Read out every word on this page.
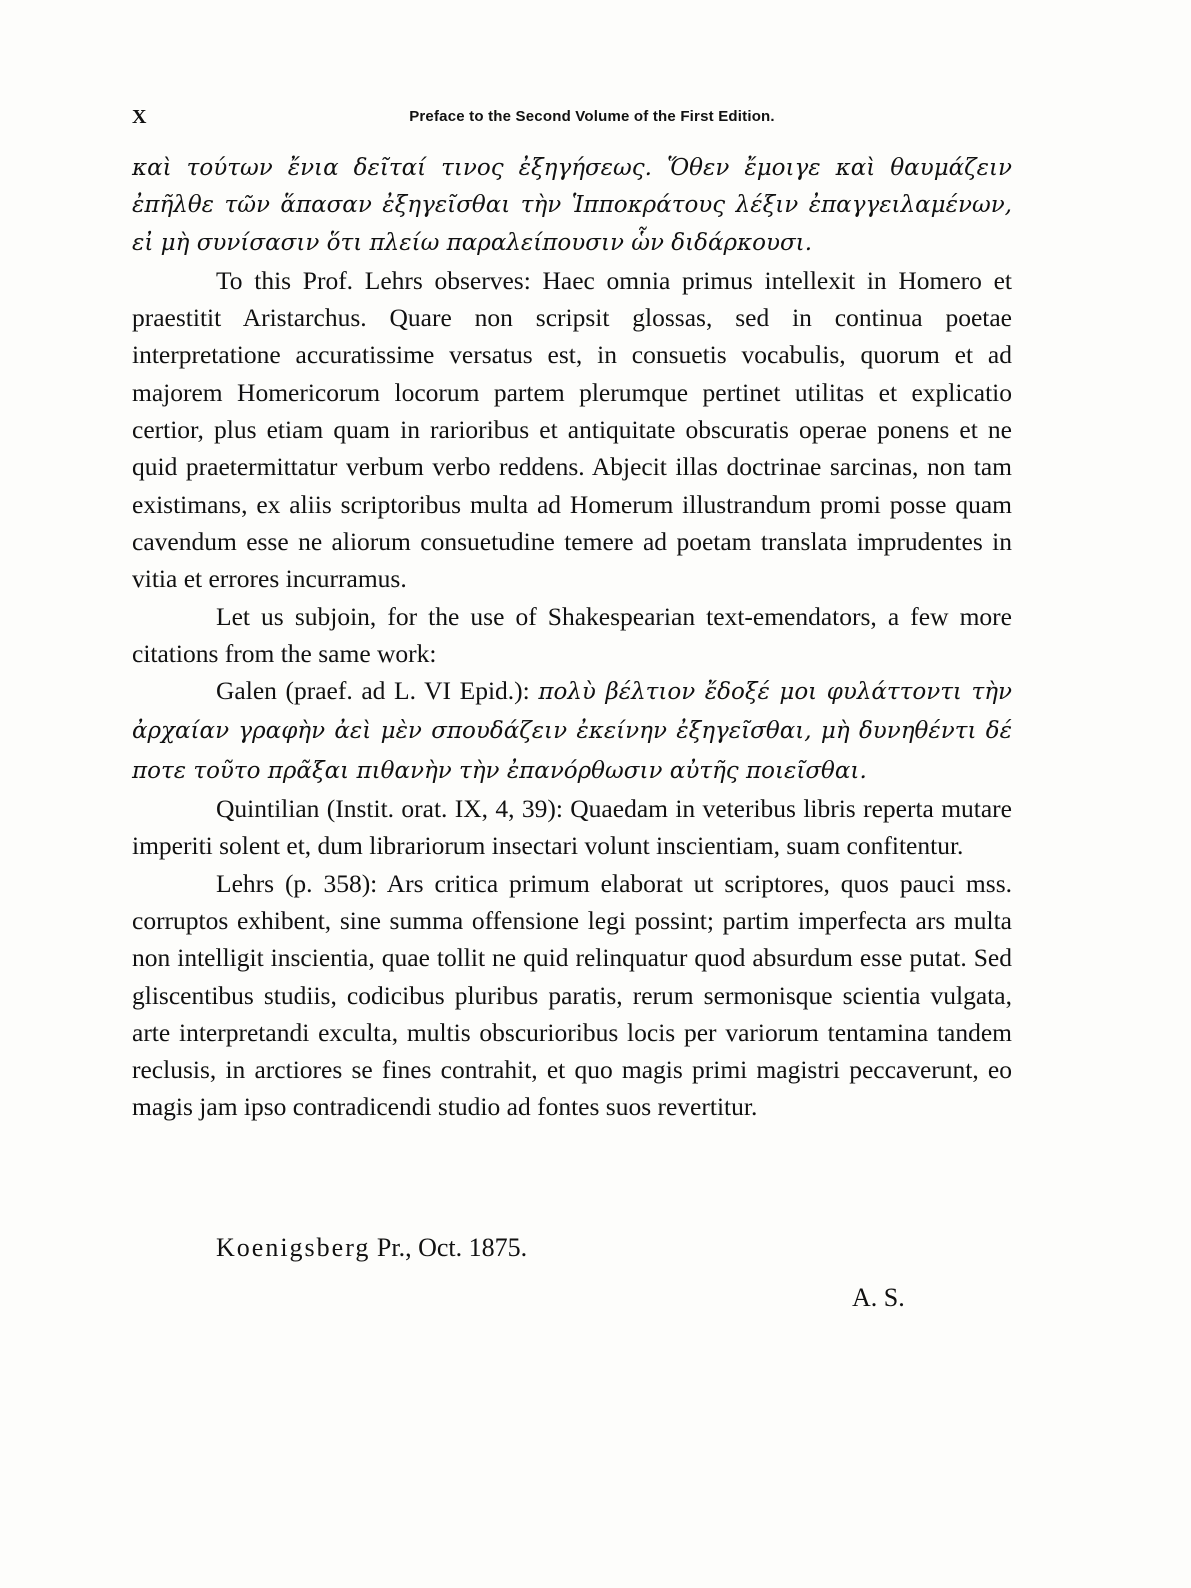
X	Preface to the Second Volume of the First Edition.

καὶ τούτων ἔνια δεῖταί τινος ἐξηγήσεως. Ὅθεν ἔμοιγε καὶ θαυμάζειν ἐπῆλθε τῶν ἅπασαν ἐξηγεῖσθαι τὴν Ἱπποκράτους λέξιν ἐπαγγειλαμένων, εἰ μὴ συνίσασιν ὅτι πλείω παραλείπουσιν ὧν διδάρκουσι.

To this Prof. Lehrs observes: Haec omnia primus intellexit in Homero et praestitit Aristarchus. Quare non scripsit glossas, sed in continua poetae interpretatione accuratissime versatus est, in consuetis vocabulis, quorum et ad majorem Homericorum locorum partem plerumque pertinet utilitas et explicatio certior, plus etiam quam in rarioribus et antiquitate obscuratis operae ponens et ne quid praetermittatur verbum verbo reddens. Abjecit illas doctrinae sarcinas, non tam existimans, ex aliis scriptoribus multa ad Homerum illustrandum promi posse quam cavendum esse ne aliorum consuetudine temere ad poetam translata imprudentes in vitia et errores incurramus.

Let us subjoin, for the use of Shakespearian text-emendators, a few more citations from the same work:

Galen (praef. ad L. VI Epid.): πολὺ βέλτιον ἔδοξέ μοι φυλάττοντι τὴν ἀρχαίαν γραφὴν ἀεὶ μὲν σπουδάζειν ἐκείνην ἐξηγεῖσθαι, μὴ δυνηθέντι δέ ποτε τοῦτο πρᾶξαι πιθανὴν τὴν ἐπανόρθωσιν αὐτῆς ποιεῖσθαι.

Quintilian (Instit. orat. IX, 4, 39): Quaedam in veteribus libris reperta mutare imperiti solent et, dum librariorum insectari volunt inscientiam, suam confitentur.

Lehrs (p. 358): Ars critica primum elaborat ut scriptores, quos pauci mss. corruptos exhibent, sine summa offensione legi possint; partim imperfecta ars multa non intelligit inscientia, quae tollit ne quid relinquatur quod absurdum esse putat. Sed gliscentibus studiis, codicibus pluribus paratis, rerum sermonisque scientia vulgata, arte interpretandi exculta, multis obscurioribus locis per variorum tentamina tandem reclusis, in arctiores se fines contrahit, et quo magis primi magistri peccaverunt, eo magis jam ipso contradicendi studio ad fontes suos revertitur.

Koenigsberg Pr., Oct. 1875.
A. S.
